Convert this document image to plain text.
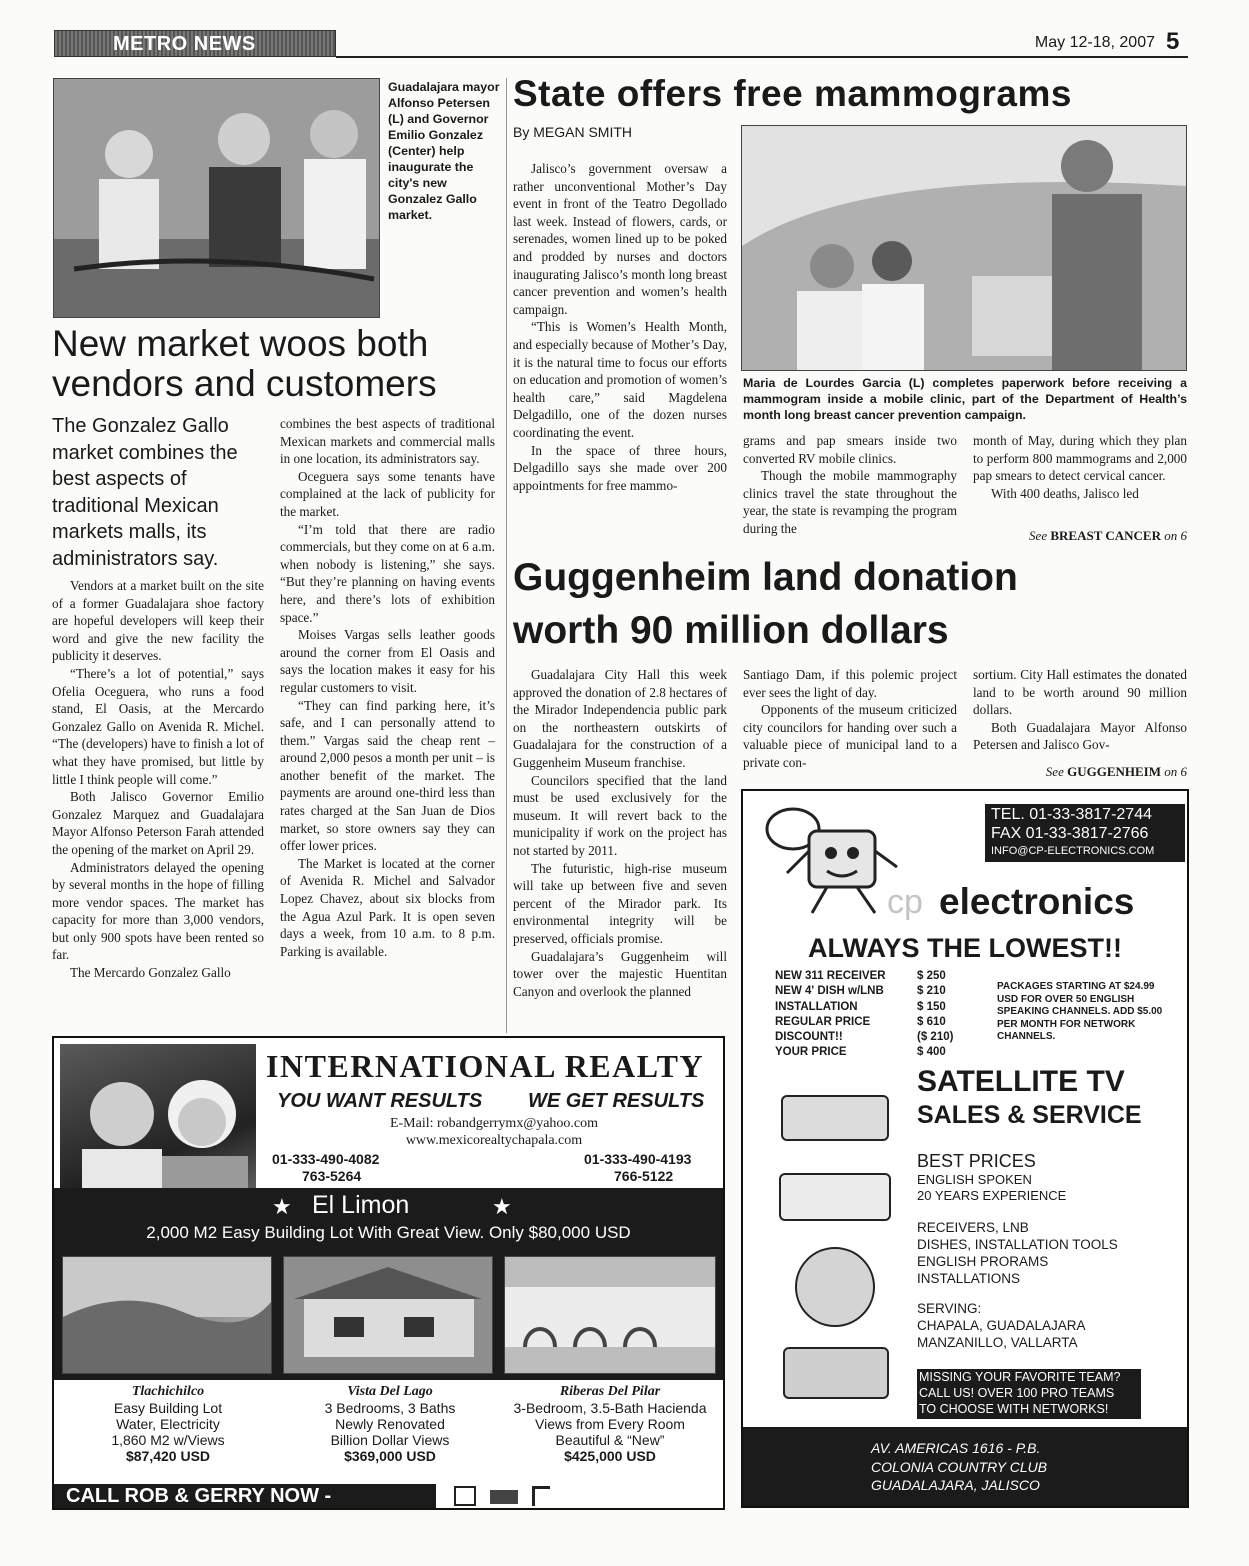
METRO NEWS	May 12-18, 2007 5
Guadalajara mayor Alfonso Petersen (L) and Governor Emilio Gonzalez (Center) help inaugurate the city's new Gonzalez Gallo market.
New market woos both
vendors and customers
The Gonzalez Gallo market combines the best aspects of traditional Mexican markets malls, its administrators say.

Vendors at a market built on the site of a former Guadalajara shoe factory are hopeful developers will keep their word and give the new facility the publicity it deserves.

“There’s a lot of potential,” says Ofelia Oceguera, who runs a food stand, El Oasis, at the Mercardo Gonzalez Gallo on Avenida R. Michel. “The (developers) have to finish a lot of what they have promised, but little by little I think people will come.”

Both Jalisco Governor Emilio Gonzalez Marquez and Guadalajara Mayor Alfonso Peterson Farah attended the opening of the market on April 29.

Administrators delayed the opening by several months in the hope of filling more vendor spaces. The market has capacity for more than 3,000 vendors, but only 900 spots have been rented so far.

The Mercardo Gonzalez Gallo

combines the best aspects of traditional Mexican markets and commercial malls in one location, its administrators say.

Oceguera says some tenants have complained at the lack of publicity for the market.

“I’m told that there are radio commercials, but they come on at 6 a.m. when nobody is listening,” she says. “But they’re planning on having events here, and there’s lots of exhibition space.”

Moises Vargas sells leather goods around the corner from El Oasis and says the location makes it easy for his regular customers to visit.

“They can find parking here, it’s safe, and I can personally attend to them.” Vargas said the cheap rent – around 2,000 pesos a month per unit – is another benefit of the market. The payments are around one-third less than rates charged at the San Juan de Dios market, so store owners say they can offer lower prices.

The Market is located at the corner of Avenida R. Michel and Salvador Lopez Chavez, about six blocks from the Agua Azul Park. It is open seven days a week, from 10 a.m. to 8 p.m. Parking is available.

State offers free mammograms
By MEGAN SMITH

Jalisco’s government oversaw a rather unconventional Mother’s Day event in front of the Teatro Degollado last week. Instead of flowers, cards, or serenades, women lined up to be poked and prodded by nurses and doctors inaugurating Jalisco’s month long breast cancer prevention and women’s health campaign.

“This is Women’s Health Month, and especially because of Mother’s Day, it is the natural time to focus our efforts on education and promotion of women’s health care,” said Magdelena Delgadillo, one of the dozen nurses coordinating the event.

In the space of three hours, Delgadillo says she made over 200 appointments for free mammo-

Maria de Lourdes Garcia (L) completes paperwork before receiving a mammogram inside a mobile clinic, part of the Department of Health’s month long breast cancer prevention campaign.

grams and pap smears inside two converted RV mobile clinics.

Though the mobile mammography clinics travel the state throughout the year, the state is revamping the program during the

month of May, during which they plan to perform 800 mammograms and 2,000 pap smears to detect cervical cancer.

With 400 deaths, Jalisco led

See BREAST CANCER on 6
Guggenheim land donation
worth 90 million dollars

Guadalajara City Hall this week approved the donation of 2.8 hectares of the Mirador Independencia public park on the northeastern outskirts of Guadalajara for the construction of a Guggenheim Museum franchise.

Councilors specified that the land must be used exclusively for the museum. It will revert back to the municipality if work on the project has not started by 2011.

The futuristic, high-rise museum will take up between five and seven percent of the Mirador park. Its environmental integrity will be preserved, officials promise.

Guadalajara’s Guggenheim will tower over the majestic Huentitan Canyon and overlook the planned

Santiago Dam, if this polemic project ever sees the light of day.

Opponents of the museum criticized city councilors for handing over such a valuable piece of municipal land to a private con-

sortium. City Hall estimates the donated land to be worth around 90 million dollars.

Both Guadalajara Mayor Alfonso Petersen and Jalisco Gov-

See GUGGENHEIM on 6
INTERNATIONAL REALTY
YOU WANT RESULTS WE GET RESULTS
E-Mail: robandgerrymx@yahoo.com
www.mexicorealtychapala.com
01-333-490-4082
763-5264
01-333-490-4193
766-5122
★ El Limon	★
2,000 M2 Easy Building Lot With Great View. Only $80,000 USD
Tlachichilco
Easy Building Lot
Water, Electricity
1,860 M2 w/Views
$87,420 USD
Vista Del Lago
3 Bedrooms, 3 Baths
Newly Renovated
Billion Dollar Views
$369,000 USD
Riberas Del Pilar
3-Bedroom, 3.5-Bath Hacienda
Views from Every Room
Beautiful & “New”
$425,000 USD
CALL ROB & GERRY NOW -
TEL. 01-33-3817-2744
FAX 01-33-3817-2766
INFO@CP-ELECTRONICS.COM
cp electronics
ALWAYS THE LOWEST!!
NEW 311 RECEIVER	$ 250
NEW 4' DISH w/LNB	$ 210
INSTALLATION	$ 150
REGULAR PRICE	$ 610
DISCOUNT!!	($ 210)
YOUR PRICE	$ 400
PACKAGES STARTING AT $24.99 USD FOR OVER 50 ENGLISH SPEAKING CHANNELS. ADD $5.00 PER MONTH FOR NETWORK CHANNELS.
SATELLITE TV
SALES & SERVICE
BEST PRICES
ENGLISH SPOKEN
20 YEARS EXPERIENCE
RECEIVERS, LNB
DISHES, INSTALLATION TOOLS
ENGLISH PRORAMS
INSTALLATIONS
SERVING:
CHAPALA, GUADALAJARA
MANZANILLO, VALLARTA
MISSING YOUR FAVORITE TEAM?
CALL US! OVER 100 PRO TEAMS
TO CHOOSE WITH NETWORKS!
AV. AMERICAS 1616 - P.B.
COLONIA COUNTRY CLUB
GUADALAJARA, JALISCO
